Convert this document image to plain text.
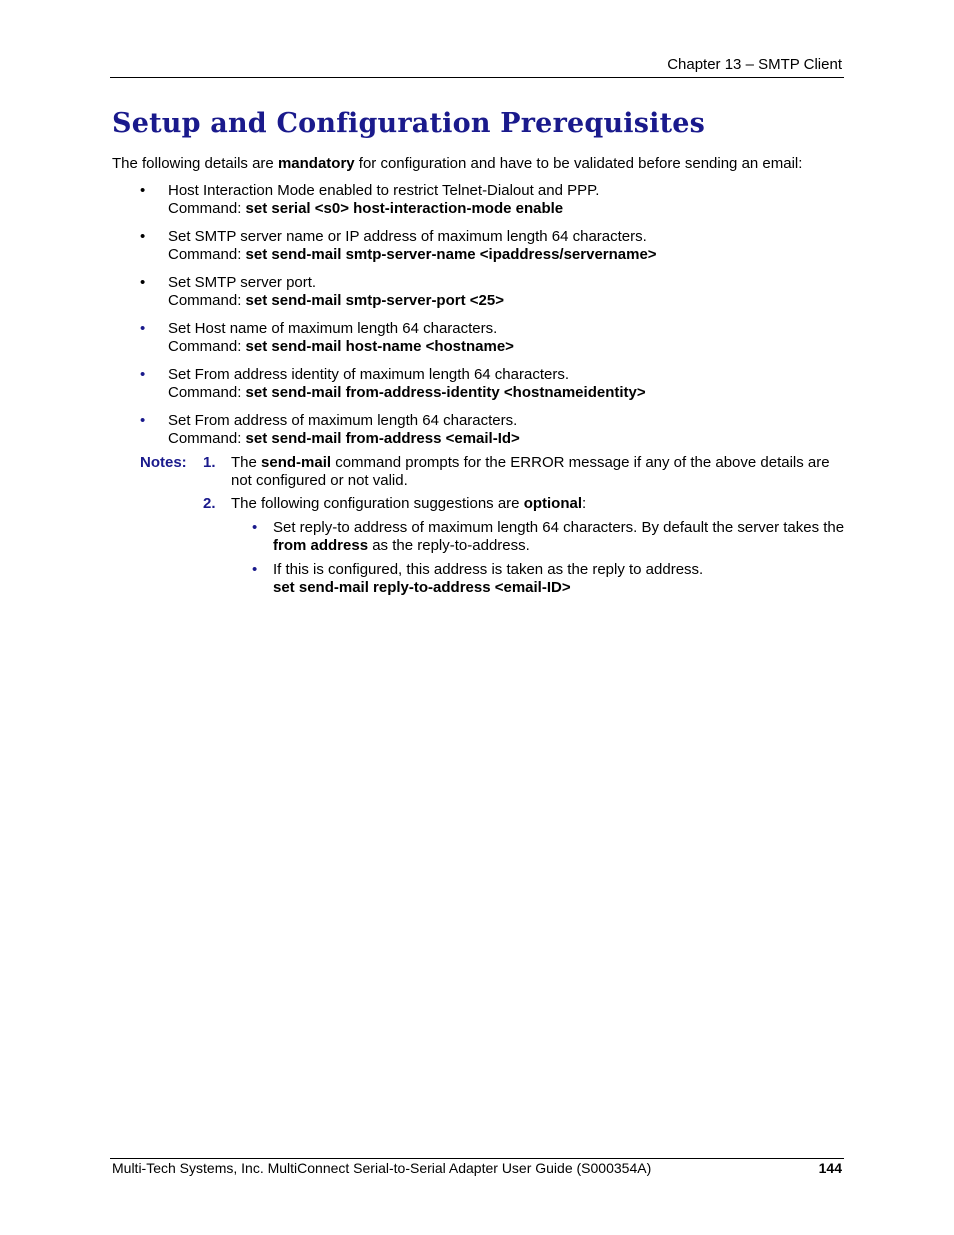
Chapter 13 – SMTP Client
Setup and Configuration Prerequisites
The following details are mandatory for configuration and have to be validated before sending an email:
• Host Interaction Mode enabled to restrict Telnet-Dialout and PPP.
Command: set serial <s0> host-interaction-mode enable
• Set SMTP server name or IP address of maximum length 64 characters.
Command: set send-mail smtp-server-name <ipaddress/servername>
• Set SMTP server port.
Command: set send-mail smtp-server-port <25>
• Set Host name of maximum length 64 characters.
Command: set send-mail host-name <hostname>
• Set From address identity of maximum length 64 characters.
Command: set send-mail from-address-identity <hostnameidentity>
• Set From address of maximum length 64 characters.
Command: set send-mail from-address <email-Id>
Notes: 1. The send-mail command prompts for the ERROR message if any of the above details are not configured or not valid.
2. The following configuration suggestions are optional:
• Set reply-to address of maximum length 64 characters. By default the server takes the from address as the reply-to-address.
• If this is configured, this address is taken as the reply to address.
set send-mail reply-to-address <email-ID>
Multi-Tech Systems, Inc. MultiConnect Serial-to-Serial Adapter User Guide (S000354A)	144
